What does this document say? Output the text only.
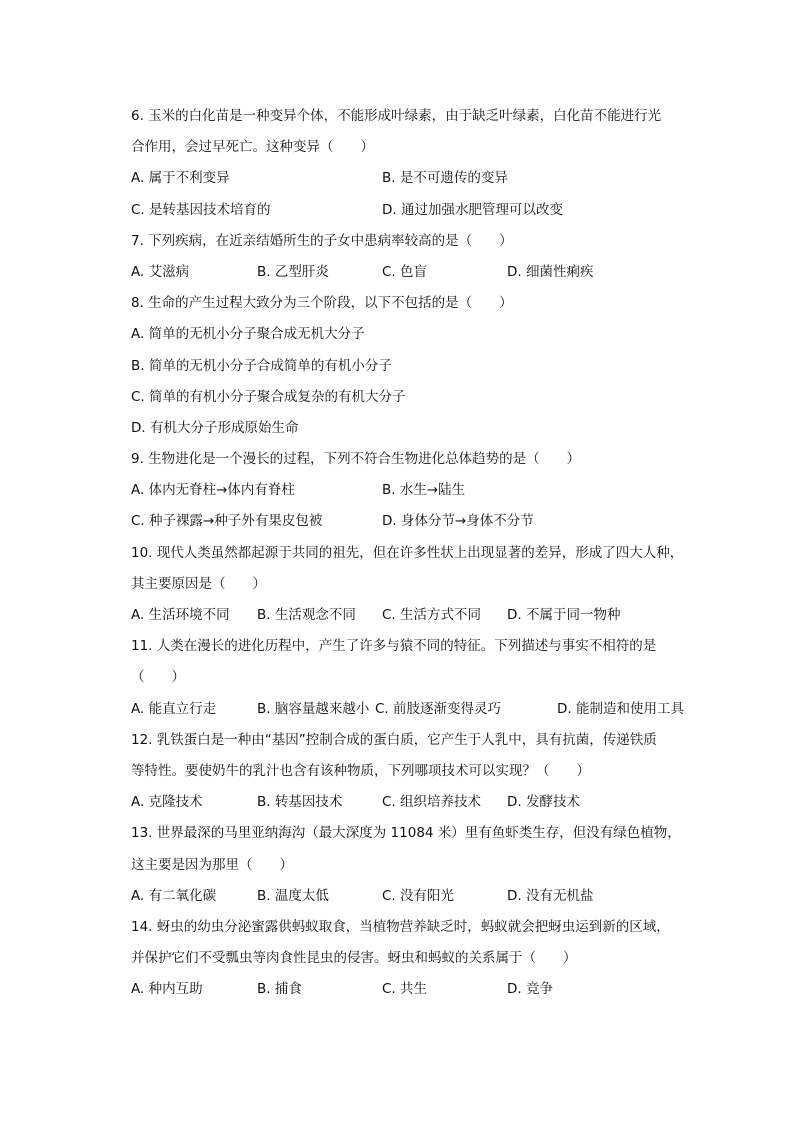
6. 玉米的白化苗是一种变异个体，不能形成叶绿素，由于缺乏叶绿素，白化苗不能进行光
合作用，会过早死亡。这种变异（　　）
A. 属于不利变异	B. 是不可遗传的变异
C. 是转基因技术培育的	D. 通过加强水肥管理可以改变
7. 下列疾病，在近亲结婚所生的子女中患病率较高的是（　　）
A. 艾滋病	B. 乙型肝炎	C. 色盲	D. 细菌性痢疾
8. 生命的产生过程大致分为三个阶段，以下不包括的是（　　）
A. 简单的无机小分子聚合成无机大分子
B. 简单的无机小分子合成简单的有机小分子
C. 简单的有机小分子聚合成复杂的有机大分子
D. 有机大分子形成原始生命
9. 生物进化是一个漫长的过程，下列不符合生物进化总体趋势的是（　　）
A. 体内无脊柱→体内有脊柱	B. 水生→陆生
C. 种子裸露→种子外有果皮包被	D. 身体分节→身体不分节
10. 现代人类虽然都起源于共同的祖先，但在许多性状上出现显著的差异，形成了四大人种，
其主要原因是（　　）
A. 生活环境不同 B. 生活观念不同 C. 生活方式不同 D. 不属于同一物种
11. 人类在漫长的进化历程中，产生了许多与猿不同的特征。下列描述与事实不相符的是
（　　）
A. 能直立行走	B. 脑容量越来越小 C. 前肢逐渐变得灵巧	D. 能制造和使用工具
12. 乳铁蛋白是一种由“基因”控制合成的蛋白质，它产生于人乳中，具有抗菌，传递铁质
等特性。要使奶牛的乳汁也含有该种物质，下列哪项技术可以实现？（　　）
A. 克隆技术	B. 转基因技术	C. 组织培养技术 D. 发酵技术
13. 世界最深的马里亚纳海沟（最大深度为 11084 米）里有鱼虾类生存，但没有绿色植物，
这主要是因为那里（　　）
A. 有二氧化碳	B. 温度太低	C. 没有阳光	D. 没有无机盐
14. 蚜虫的幼虫分泌蜜露供蚂蚁取食，当植物营养缺乏时，蚂蚁就会把蚜虫运到新的区域，
并保护它们不受瓢虫等肉食性昆虫的侵害。蚜虫和蚂蚁的关系属于（　　）
A. 种内互助	B. 捕食	C. 共生	D. 竞争
